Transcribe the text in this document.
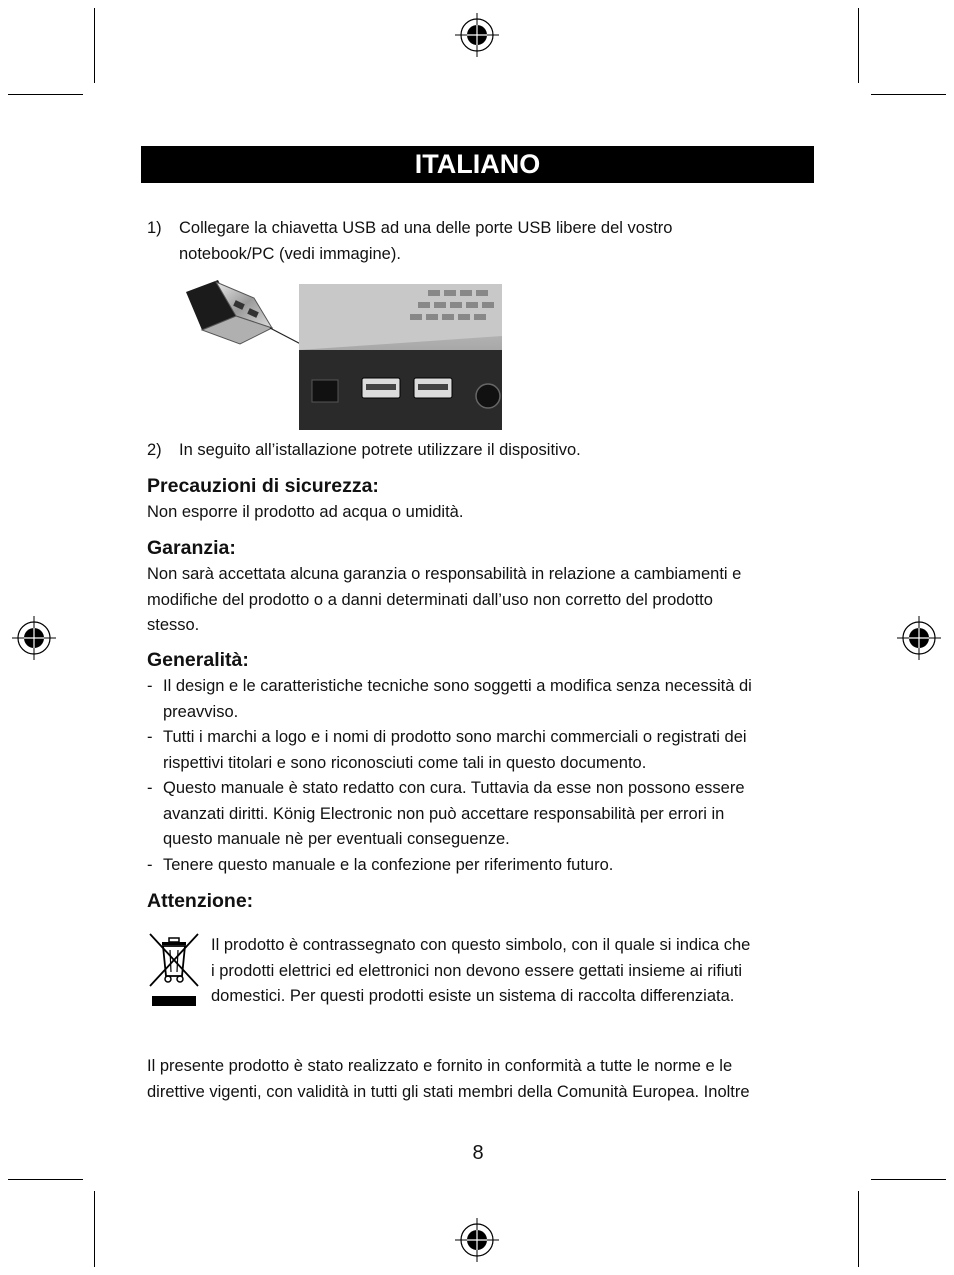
ITALIANO
1) Collegare la chiavetta USB ad una delle porte USB libere del vostro
notebook/PC (vedi immagine).
2) In seguito all’istallazione potrete utilizzare il dispositivo.
Precauzioni di sicurezza:
Non esporre il prodotto ad acqua o umidità.
Garanzia:
Non sarà accettata alcuna garanzia o responsabilità in relazione a cambiamenti e
modifiche del prodotto o a danni determinati dall’uso non corretto del prodotto
stesso.
Generalità:
- Il design e le caratteristiche tecniche sono soggetti a modifica senza necessità di
preavviso.
- Tutti i marchi a logo e i nomi di prodotto sono marchi commerciali o registrati dei
rispettivi titolari e sono riconosciuti come tali in questo documento.
- Questo manuale è stato redatto con cura. Tuttavia da esse non possono essere
avanzati diritti. König Electronic non può accettare responsabilità per errori in
questo manuale nè per eventuali conseguenze.
- Tenere questo manuale e la confezione per riferimento futuro.
Attenzione:
Il prodotto è contrassegnato con questo simbolo, con il quale si indica che
i prodotti elettrici ed elettronici non devono essere gettati insieme ai rifiuti
domestici. Per questi prodotti esiste un sistema di raccolta differenziata.
Il presente prodotto è stato realizzato e fornito in conformità a tutte le norme e le
direttive vigenti, con validità in tutti gli stati membri della Comunità Europea. Inoltre
8
